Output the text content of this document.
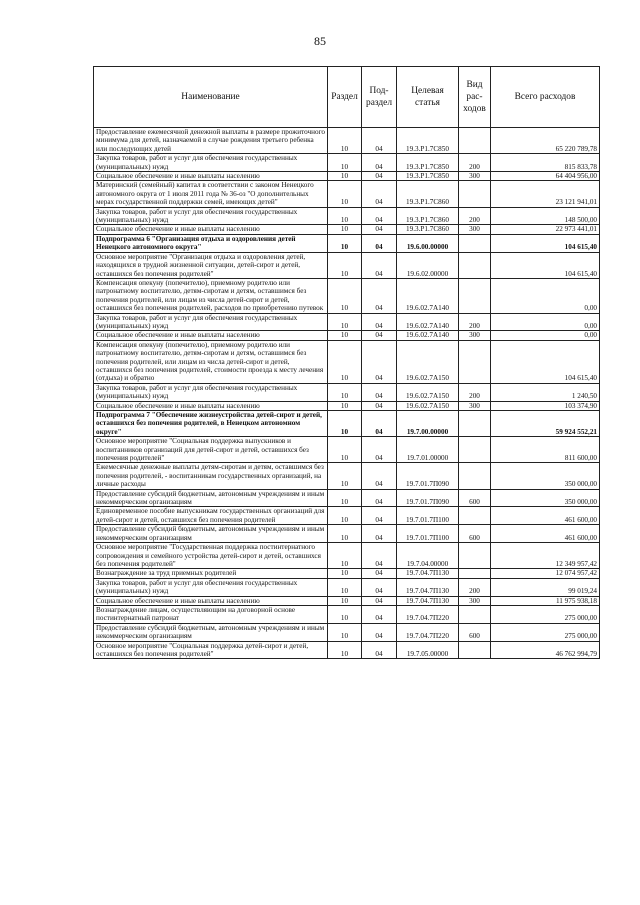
85
Наименование	Раздел	Под-раздел	Целевая статья	Вид рас-ходов	Всего расходов
Предоставление ежемесячной денежной выплаты в размере прожиточного минимума для детей, назначаемой в случае рождения третьего ребенка или последующих детей	10	04	19.3.Р1.7С850		65 220 789,78
Закупка товаров, работ и услуг для обеспечения государственных (муниципальных) нужд	10	04	19.3.Р1.7С850	200	815 833,78
Социальное обеспечение и иные выплаты населению	10	04	19.3.Р1.7С850	300	64 404 956,00
Материнский (семейный) капитал в соответствии с законом Ненецкого автономного округа от 1 июля 2011 года № 36-оз "О дополнительных мерах государственной поддержки семей, имеющих детей"	10	04	19.3.Р1.7С860		23 121 941,01
Закупка товаров, работ и услуг для обеспечения государственных (муниципальных) нужд	10	04	19.3.Р1.7С860	200	148 500,00
Социальное обеспечение и иные выплаты населению	10	04	19.3.Р1.7С860	300	22 973 441,01
Подпрограмма 6 "Организация отдыха и оздоровления детей Ненецкого автономного округа"	10	04	19.6.00.00000		104 615,40
Основное мероприятие "Организация отдыха и оздоровления детей, находящихся в трудной жизненной ситуации, детей-сирот и детей, оставшихся без попечения родителей"	10	04	19.6.02.00000		104 615,40
Компенсация опекуну (попечителю), приемному родителю или патронатному воспитателю, детям-сиротам и детям, оставшимся без попечения родителей, или лицам из числа детей-сирот и детей, оставшихся без попечения родителей, расходов по приобретению путевок	10	04	19.6.02.7А140		0,00
Закупка товаров, работ и услуг для обеспечения государственных (муниципальных) нужд	10	04	19.6.02.7А140	200	0,00
Социальное обеспечение и иные выплаты населению	10	04	19.6.02.7А140	300	0,00
Компенсация опекуну (попечителю), приемному родителю или патронатному воспитателю, детям-сиротам и детям, оставшимся без попечения родителей, или лицам из числа детей-сирот и детей, оставшихся без попечения родителей, стоимости проезда к месту лечения (отдыха) и обратно	10	04	19.6.02.7А150		104 615,40
Закупка товаров, работ и услуг для обеспечения государственных (муниципальных) нужд	10	04	19.6.02.7А150	200	1 240,50
Социальное обеспечение и иные выплаты населению	10	04	19.6.02.7А150	300	103 374,90
Подпрограмма 7 "Обеспечение жизнеустройства детей-сирот и детей, оставшихся без попечения родителей, в Ненецком автономном округе"	10	04	19.7.00.00000		59 924 552,21
Основное мероприятие "Социальная поддержка выпускников и воспитанников организаций для детей-сирот и детей, оставшихся без попечения родителей"	10	04	19.7.01.00000		811 600,00
Ежемесячные денежные выплаты детям-сиротам и детям, оставшимся без попечения родителей, - воспитанникам государственных организаций, на личные расходы	10	04	19.7.01.7П090		350 000,00
Предоставление субсидий бюджетным, автономным учреждениям и иным некоммерческим организациям	10	04	19.7.01.7П090	600	350 000,00
Единовременное пособие выпускникам государственных организаций для детей-сирот и детей, оставшихся без попечения родителей	10	04	19.7.01.7П100		461 600,00
Предоставление субсидий бюджетным, автономным учреждениям и иным некоммерческим организациям	10	04	19.7.01.7П100	600	461 600,00
Основное мероприятие "Государственная поддержка постинтернатного сопровождения и семейного устройства детей-сирот и детей, оставшихся без попечения родителей"	10	04	19.7.04.00000		12 349 957,42
Вознаграждение за труд приемных родителей	10	04	19.7.04.7П130		12 074 957,42
Закупка товаров, работ и услуг для обеспечения государственных (муниципальных) нужд	10	04	19.7.04.7П130	200	99 019,24
Социальное обеспечение и иные выплаты населению	10	04	19.7.04.7П130	300	11 975 938,18
Вознаграждение лицам, осуществляющим на договорной основе постинтернатный патронат	10	04	19.7.04.7П220		275 000,00
Предоставление субсидий бюджетным, автономным учреждениям и иным некоммерческим организациям	10	04	19.7.04.7П220	600	275 000,00
Основное мероприятие "Социальная поддержка детей-сирот и детей, оставшихся без попечения родителей"	10	04	19.7.05.00000		46 762 994,79
